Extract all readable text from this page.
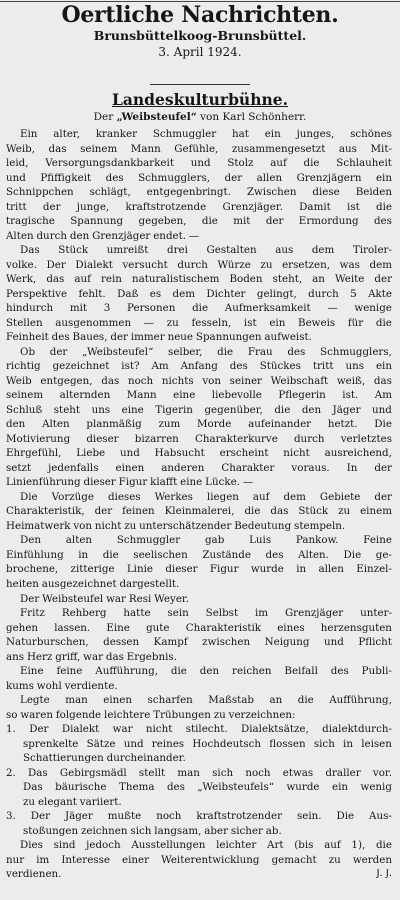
Oertliche Nachrichten.
Brunsbüttelkoog-Brunsbüttel.
3. April 1924.
Landeskulturbühne.
Der „Weibsteufel“ von Karl Schönherr.
Ein alter, kranker Schmuggler hat ein junges, schönes
Weib, das seinem Mann Gefühle, zusammengesetzt aus Mit-
leid, Versorgungsdankbarkeit und Stolz auf die Schlauheit
und Pfiffigkeit des Schmugglers, der allen Grenzjägern ein
Schnippchen schlägt, entgegenbringt. Zwischen diese Beiden
tritt der junge, kraftstrotzende Grenzjäger. Damit ist die
tragische Spannung gegeben, die mit der Ermordung des
Alten durch den Grenzjäger endet. —
Das Stück umreißt drei Gestalten aus dem Tiroler-
volke. Der Dialekt versucht durch Würze zu ersetzen, was dem
Werk, das auf rein naturalistischem Boden steht, an Weite der
Perspektive fehlt. Daß es dem Dichter gelingt, durch 5 Akte
hindurch mit 3 Personen die Aufmerksamkeit — wenige
Stellen ausgenommen — zu fesseln, ist ein Beweis für die
Feinheit des Baues, der immer neue Spannungen aufweist.
Ob der „Weibsteufel“ selber, die Frau des Schmugglers,
richtig gezeichnet ist? Am Anfang des Stückes tritt uns ein
Weib entgegen, das noch nichts von seiner Weibschaft weiß, das
seinem alternden Mann eine liebevolle Pflegerin ist. Am
Schluß steht uns eine Tigerin gegenüber, die den Jäger und
den Alten planmäßig zum Morde aufeinander hetzt. Die
Motivierung dieser bizarren Charakterkurve durch verletztes
Ehrgefühl, Liebe und Habsucht erscheint nicht ausreichend,
setzt jedenfalls einen anderen Charakter voraus. In der
Linienführung dieser Figur klafft eine Lücke. —
Die Vorzüge dieses Werkes liegen auf dem Gebiete der
Charakteristik, der feinen Kleinmalerei, die das Stück zu einem
Heimatwerk von nicht zu unterschätzender Bedeutung stempeln.
Den alten Schmuggler gab Luis Pankow. Feine
Einfühlung in die seelischen Zustände des Alten. Die ge-
brochene, zitterige Linie dieser Figur wurde in allen Einzel-
heiten ausgezeichnet dargestellt.
Der Weibsteufel war Resi Weyer.
Fritz Rehberg hatte sein Selbst im Grenzjäger unter-
gehen lassen. Eine gute Charakteristik eines herzensguten
Naturburschen, dessen Kampf zwischen Neigung und Pflicht
ans Herz griff, war das Ergebnis.
Eine feine Aufführung, die den reichen Beifall des Publi-
kums wohl verdiente.
Legte man einen scharfen Maßstab an die Aufführung,
so waren folgende leichtere Trübungen zu verzeichnen:
1. Der Dialekt war nicht stilecht. Dialektsätze, dialektdurch-
sprenkelte Sätze und reines Hochdeutsch flossen sich in leisen
Schattierungen durcheinander.
2. Das Gebirgsmädl stellt man sich noch etwas draller vor.
Das bäurische Thema des „Weibsteufels“ wurde ein wenig
zu elegant variiert.
3. Der Jäger mußte noch kraftstrotzender sein. Die Aus-
stoßungen zeichnen sich langsam, aber sicher ab.
Dies sind jedoch Ausstellungen leichter Art (bis auf 1), die
nur im Interesse einer Weiterentwicklung gemacht zu werden
verdienen.	J. J.
